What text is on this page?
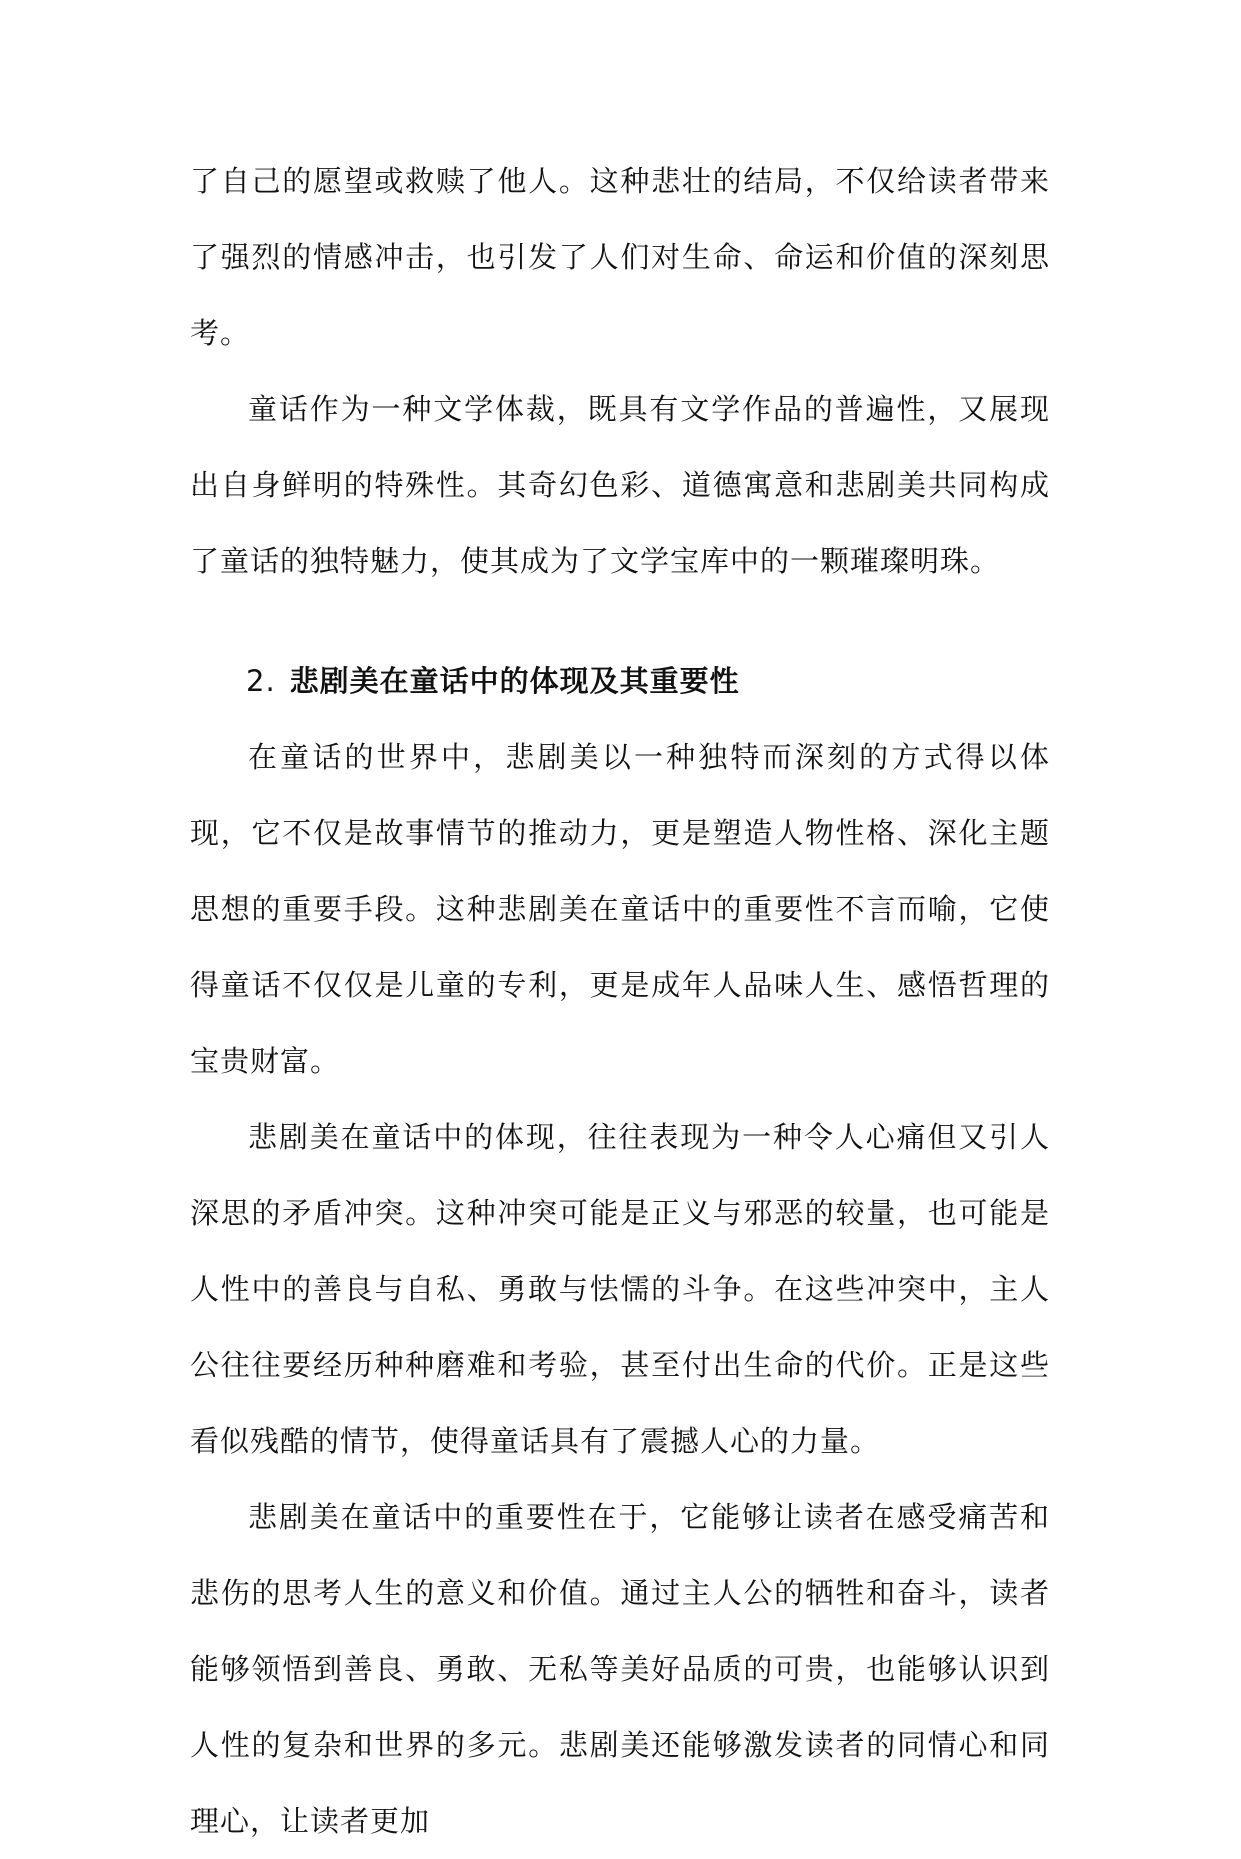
了自己的愿望或救赎了他人。这种悲壮的结局，不仅给读者带来了强烈的情感冲击，也引发了人们对生命、命运和价值的深刻思考。

童话作为一种文学体裁，既具有文学作品的普遍性，又展现出自身鲜明的特殊性。其奇幻色彩、道德寓意和悲剧美共同构成了童话的独特魅力，使其成为了文学宝库中的一颗璀璨明珠。

2. 悲剧美在童话中的体现及其重要性

在童话的世界中，悲剧美以一种独特而深刻的方式得以体现，它不仅是故事情节的推动力，更是塑造人物性格、深化主题思想的重要手段。这种悲剧美在童话中的重要性不言而喻，它使得童话不仅仅是儿童的专利，更是成年人品味人生、感悟哲理的宝贵财富。

悲剧美在童话中的体现，往往表现为一种令人心痛但又引人深思的矛盾冲突。这种冲突可能是正义与邪恶的较量，也可能是人性中的善良与自私、勇敢与怯懦的斗争。在这些冲突中，主人公往往要经历种种磨难和考验，甚至付出生命的代价。正是这些看似残酷的情节，使得童话具有了震撼人心的力量。

悲剧美在童话中的重要性在于，它能够让读者在感受痛苦和悲伤的思考人生的意义和价值。通过主人公的牺牲和奋斗，读者能够领悟到善良、勇敢、无私等美好品质的可贵，也能够认识到人性的复杂和世界的多元。悲剧美还能够激发读者的同情心和同理心，让读者更加
